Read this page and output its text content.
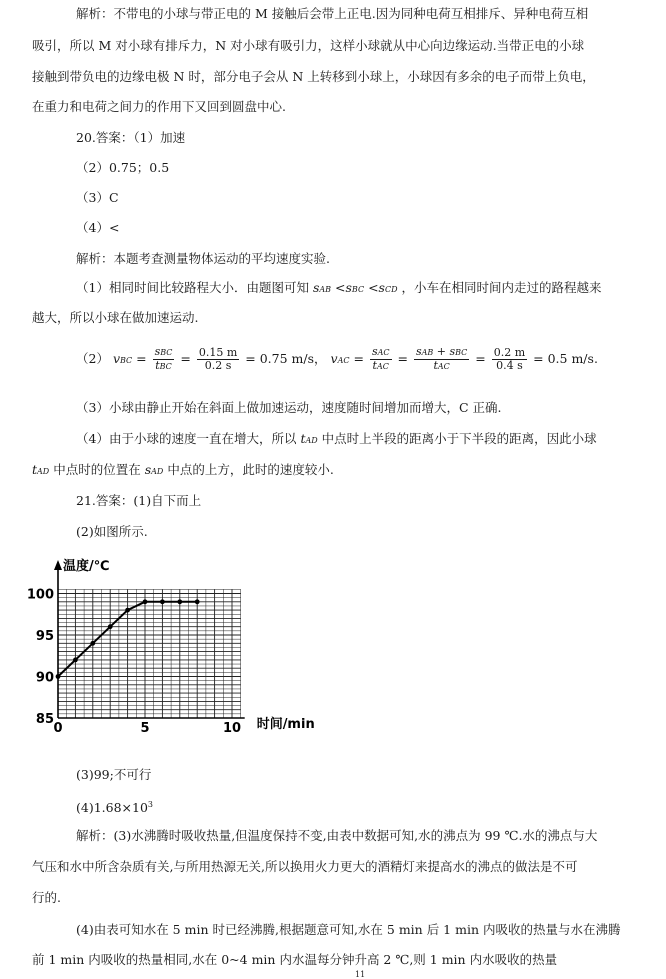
解析：不带电的小球与带正电的 M 接触后会带上正电.因为同种电荷互相排斥、异种电荷互相
吸引，所以 M 对小球有排斥力，N 对小球有吸引力，这样小球就从中心向边缘运动.当带正电的小球
接触到带负电的边缘电极 N 时，部分电子会从 N 上转移到小球上，小球因有多余的电子而带上负电，
在重力和电荷之间力的作用下又回到圆盘中心.
20.答案：（1）加速
（2）0.75；0.5
（3）C
（4）<
解析：本题考查测量物体运动的平均速度实验.
（1）相同时间比较路程大小．由题图可知 sAB <sBC <sCD ，小车在相同时间内走过的路程越来
越大，所以小球在做加速运动.
（2） vBC = $\frac{\text{sBC}}{\text{tBC}} = \frac{0.15 m}{0.2 s} = 0.75$ m/s， vAC = $\frac{\text{sAC}}{\text{tAC}} = \frac{\text{sAB + sBC}}{\text{tAC}} = \frac{0.2 m}{0.4 s} = 0.5$ m/s.
（3）小球由静止开始在斜面上做加速运动，速度随时间增加而增大，C 正确.
（4）由于小球的速度一直在增大，所以 tAD 中点时上半段的距离小于下半段的距离，因此小球
tAD 中点时的位置在 sAD 中点的上方，此时的速度较小.
21.答案：(1)自下而上
(2)如图所示.
温度/℃
时间/min
85
90
95
100
0	5	10
(3)99;不可行
$(4)1.68\times 10^3$
解析：(3)水沸腾时吸收热量,但温度保持不变,由表中数据可知,水的沸点为 99 ℃.水的沸点与大
气压和水中所含杂质有关,与所用热源无关,所以换用火力更大的酒精灯来提高水的沸点的做法是不可
行的.
(4)由表可知水在 5 min 时已经沸腾,根据题意可知,水在 5 min 后 1 min 内吸收的热量与水在沸腾
前 1 min 内吸收的热量相同,水在 0~4 min 内水温每分钟升高 2 ℃,则 1 min 内水吸收的热量
11
